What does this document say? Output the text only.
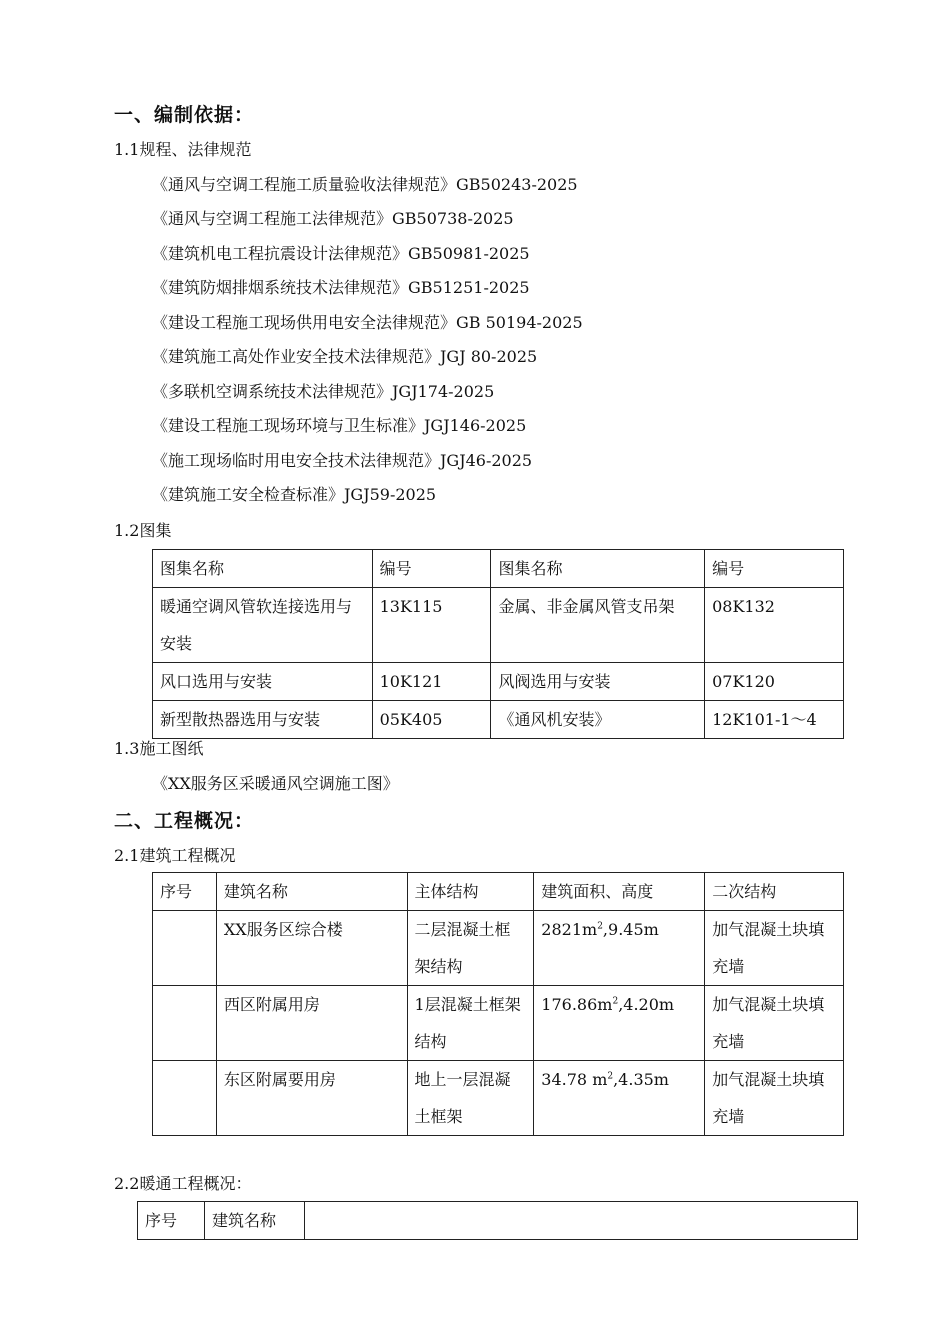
一、编制依据：
1.1规程、法律规范
《通风与空调工程施工质量验收法律规范》GB50243-2025
《通风与空调工程施工法律规范》GB50738-2025
《建筑机电工程抗震设计法律规范》GB50981-2025
《建筑防烟排烟系统技术法律规范》GB51251-2025
《建设工程施工现场供用电安全法律规范》GB 50194-2025
《建筑施工高处作业安全技术法律规范》JGJ 80-2025
《多联机空调系统技术法律规范》JGJ174-2025
《建设工程施工现场环境与卫生标准》JGJ146-2025
《施工现场临时用电安全技术法律规范》JGJ46-2025
《建筑施工安全检查标准》JGJ59-2025
1.2图集
图集名称	编号	图集名称	编号
暖通空调风管软连接选用与安装	13K115	金属、非金属风管支吊架	08K132
风口选用与安装	10K121	风阀选用与安装	07K120
新型散热器选用与安装	05K405	《通风机安装》	12K101-1～4
1.3施工图纸
《XX服务区采暖通风空调施工图》
二、工程概况：
2.1建筑工程概况
序号	建筑名称	主体结构	建筑面积、高度	二次结构
	XX服务区综合楼	二层混凝土框架结构	$2821m^2,9.45m$	加气混凝土块填充墙
	西区附属用房	1层混凝土框架结构	$176.86m^2,4.20m$	加气混凝土块填充墙
	东区附属要用房	地上一层混凝土框架	34.78 $m^2,4.35m$	加气混凝土块填充墙
2.2暖通工程概况：
序号	建筑名称	
